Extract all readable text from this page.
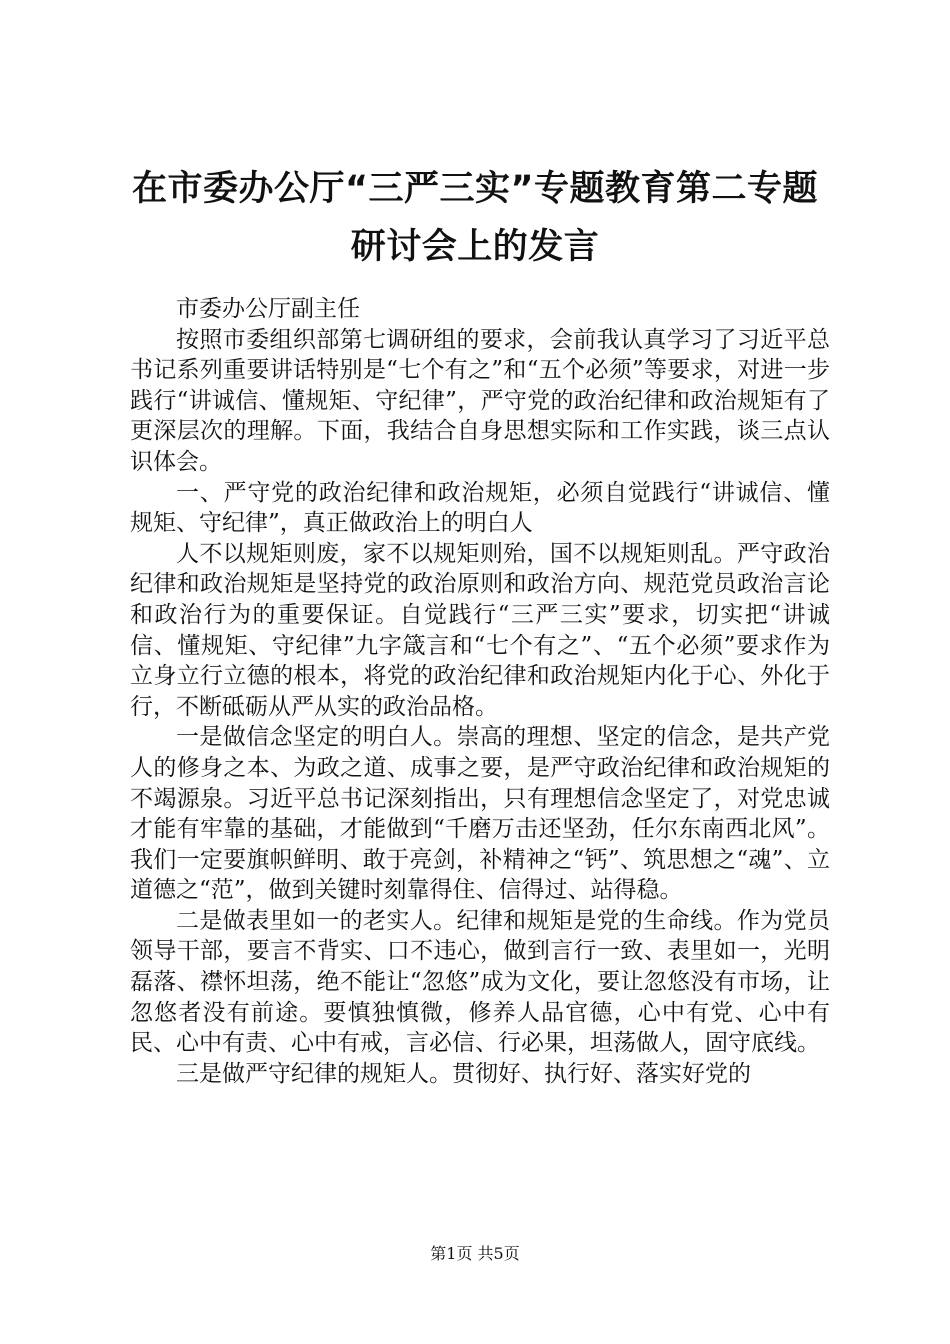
在市委办公厅“三严三实”专题教育第二专题
研讨会上的发言

市委办公厅副主任

按照市委组织部第七调研组的要求，会前我认真学习了习近平总书记系列重要讲话特别是“七个有之”和“五个必须”等要求，对进一步践行“讲诚信、懂规矩、守纪律”，严守党的政治纪律和政治规矩有了更深层次的理解。下面，我结合自身思想实际和工作实践，谈三点认识体会。

一、严守党的政治纪律和政治规矩，必须自觉践行“讲诚信、懂规矩、守纪律”，真正做政治上的明白人

人不以规矩则废，家不以规矩则殆，国不以规矩则乱。严守政治纪律和政治规矩是坚持党的政治原则和政治方向、规范党员政治言论和政治行为的重要保证。自觉践行“三严三实”要求，切实把“讲诚信、懂规矩、守纪律”九字箴言和“七个有之”、“五个必须”要求作为立身立行立德的根本，将党的政治纪律和政治规矩内化于心、外化于行，不断砥砺从严从实的政治品格。

一是做信念坚定的明白人。崇高的理想、坚定的信念，是共产党人的修身之本、为政之道、成事之要，是严守政治纪律和政治规矩的不竭源泉。习近平总书记深刻指出，只有理想信念坚定了，对党忠诚才能有牢靠的基础，才能做到“千磨万击还坚劲，任尔东南西北风”。我们一定要旗帜鲜明、敢于亮剑，补精神之“钙”、筑思想之“魂”、立道德之“范”，做到关键时刻靠得住、信得过、站得稳。

二是做表里如一的老实人。纪律和规矩是党的生命线。作为党员领导干部，要言不背实、口不违心，做到言行一致、表里如一，光明磊落、襟怀坦荡，绝不能让“忽悠”成为文化，要让忽悠没有市场，让忽悠者没有前途。要慎独慎微，修养人品官德，心中有党、心中有民、心中有责、心中有戒，言必信、行必果，坦荡做人，固守底线。

三是做严守纪律的规矩人。贯彻好、执行好、落实好党的

第1页 共5页
